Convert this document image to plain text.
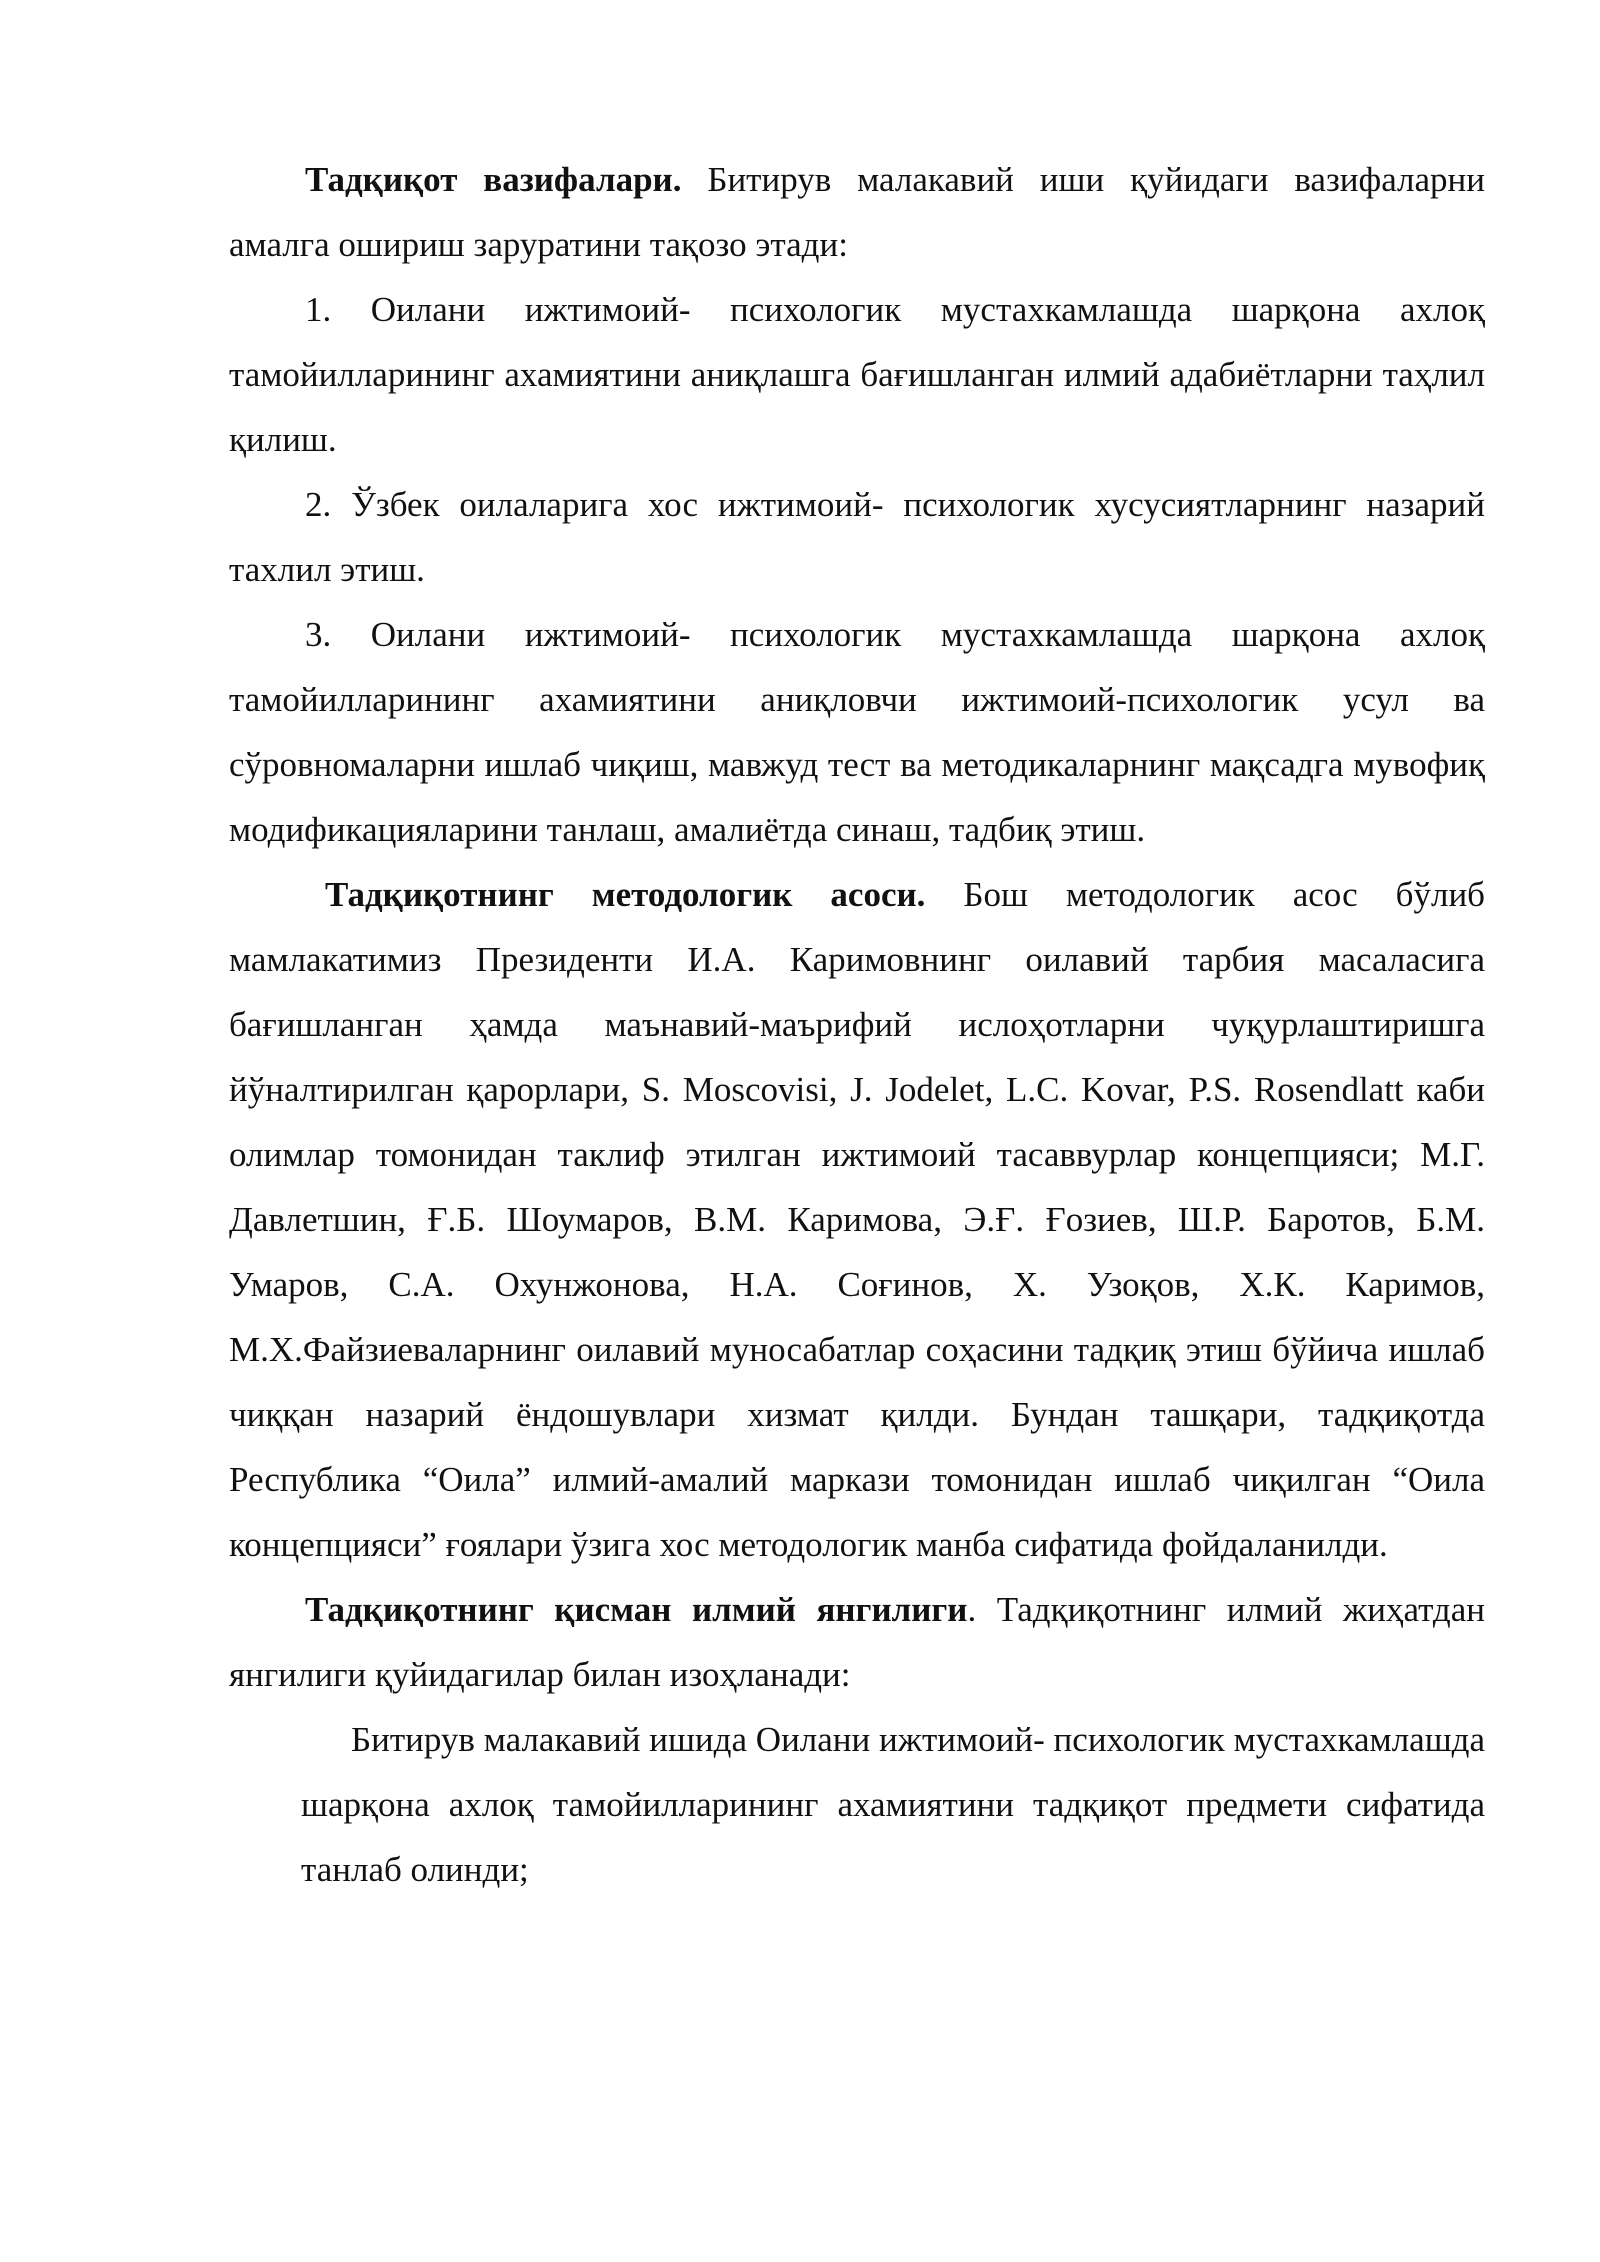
Тадқиқот вазифалари. Битирув малакавий иши қуйидаги вазифаларни амалга ошириш заруратини тақозо этади:

1. Оилани ижтимоий- психологик мустахкамлашда шарқона ахлоқ тамойилларининг ахамиятини аниқлашга бағишланган илмий адабиётларни таҳлил қилиш.

2. Ўзбек оилаларига хос ижтимоий- психологик хусусиятларнинг назарий тахлил этиш.

3. Оилани ижтимоий- психологик мустахкамлашда шарқона ахлоқ тамойилларининг ахамиятини аниқловчи ижтимоий-психологик усул ва сўровномаларни ишлаб чиқиш, мавжуд тест ва методикаларнинг мақсадга мувофиқ модификацияларини танлаш, амалиётда синаш, тадбиқ этиш.

Тадқиқотнинг методологик асоси. Бош методологик асос бўлиб мамлакатимиз Президенти И.А. Каримовнинг оилавий тарбия масаласига бағишланган ҳамда маънавий-маърифий ислоҳотларни чуқурлаштиришга йўналтирилган қарорлари, S. Moscovisi, J. Jodelet, L.C. Kovar, P.S. Rosendlatt каби олимлар томонидан таклиф этилган ижтимоий тасаввурлар концепцияси; М.Г. Давлетшин, Ғ.Б. Шоумаров, В.М. Каримова, Э.Ғ. Ғозиев, Ш.Р. Баротов, Б.М. Умаров, С.А. Охунжонова, Н.А. Соғинов, Х. Узоқов, Х.К. Каримов, М.Х.Файзиеваларнинг оилавий муносабатлар соҳасини тадқиқ этиш бўйича ишлаб чиққан назарий ёндошувлари хизмат қилди. Бундан ташқари, тадқиқотда Республика “Оила” илмий-амалий маркази томонидан ишлаб чиқилган “Оила концепцияси” ғоялари ўзига хос методологик манба сифатида фойдаланилди.

Тадқиқотнинг қисман илмий янгилиги. Тадқиқотнинг илмий жиҳатдан янгилиги қуйидагилар билан изоҳланади:

Битирув малакавий ишида Оилани ижтимоий- психологик мустахкамлашда шарқона ахлоқ тамойилларининг ахамиятини тадқиқот предмети сифатида танлаб олинди;
